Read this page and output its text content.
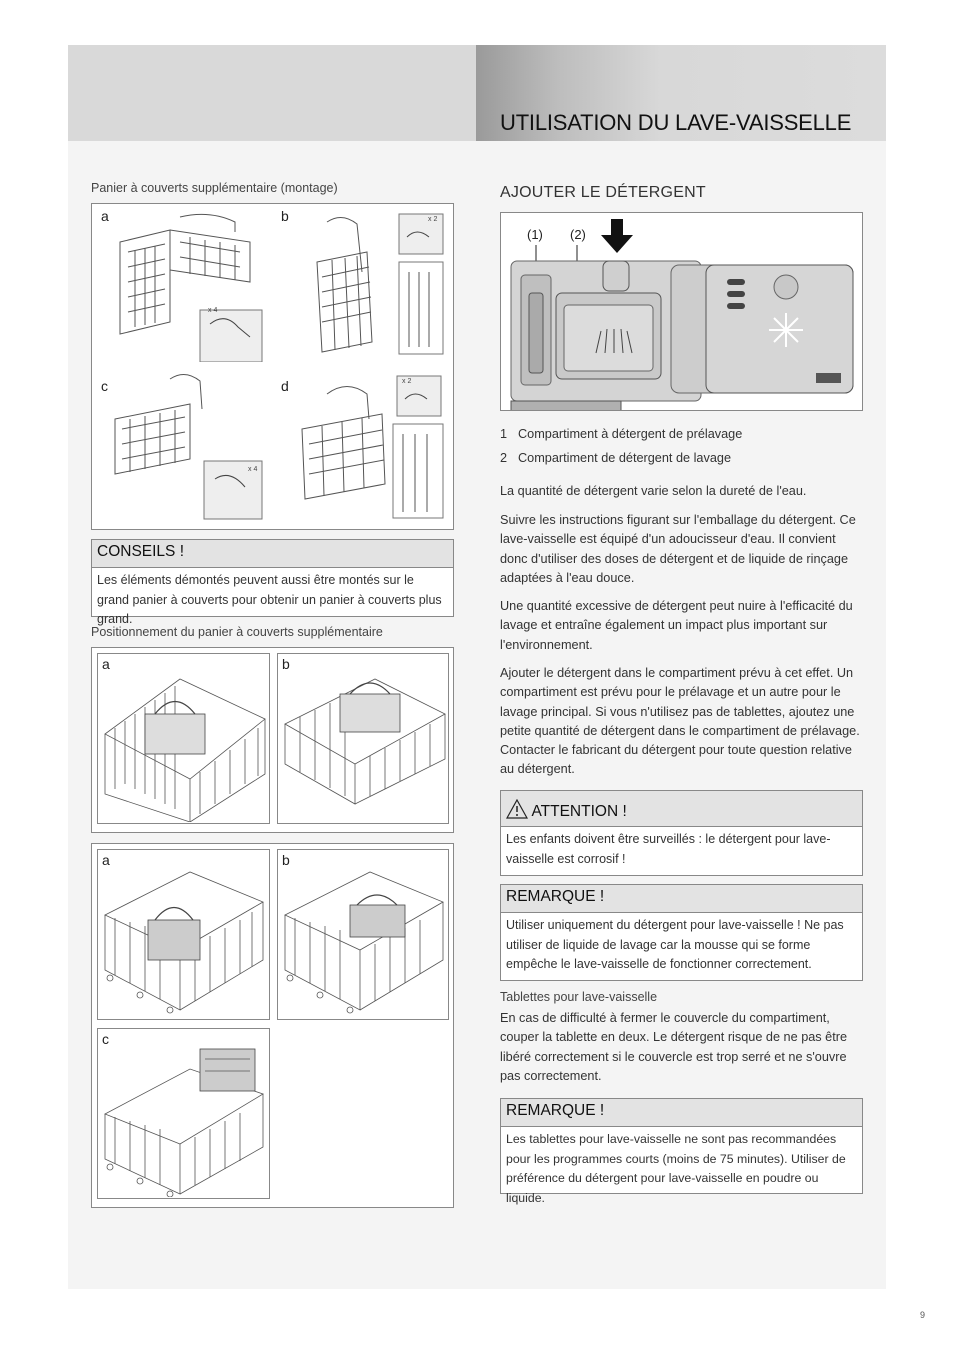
UTILISATION DU LAVE-VAISSELLE
Panier à couverts supplémentaire (montage)
a	b
c	d
x 4
x 2
x 4
x 2
CONSEILS !
Les éléments démontés peuvent aussi être montés sur le grand panier à couverts pour obtenir un panier à couverts plus grand.
Positionnement du panier à couverts supplémentaire
a	b
a	b
c
AJOUTER LE DÉTERGENT
(1) (2)
1 Compartiment à détergent de prélavage
2 Compartiment de détergent de lavage
La quantité de détergent varie selon la dureté de l'eau.
Suivre les instructions figurant sur l'emballage du détergent. Ce lave-vaisselle est équipé d'un adoucisseur d'eau. Il convient donc d'utiliser des doses de détergent et de liquide de rinçage adaptées à l'eau douce.
Une quantité excessive de détergent peut nuire à l'efficacité du lavage et entraîne également un impact plus important sur l'environnement.
Ajouter le détergent dans le compartiment prévu à cet effet. Un compartiment est prévu pour le prélavage et un autre pour le lavage principal. Si vous n'utilisez pas de tablettes, ajoutez une petite quantité de détergent dans le compartiment de prélavage. Contacter le fabricant du détergent pour toute question relative au détergent.
ATTENTION !
Les enfants doivent être surveillés : le détergent pour lave-vaisselle est corrosif !
REMARQUE !
Utiliser uniquement du détergent pour lave-vaisselle ! Ne pas utiliser de liquide de lavage car la mousse qui se forme empêche le lave-vaisselle de fonctionner correctement.
Tablettes pour lave-vaisselle
En cas de difficulté à fermer le couvercle du compartiment, couper la tablette en deux. Le détergent risque de ne pas être libéré correctement si le couvercle est trop serré et ne s'ouvre pas correctement.
REMARQUE !
Les tablettes pour lave-vaisselle ne sont pas recommandées pour les programmes courts (moins de 75 minutes). Utiliser de préférence du détergent pour lave-vaisselle en poudre ou liquide.
9
